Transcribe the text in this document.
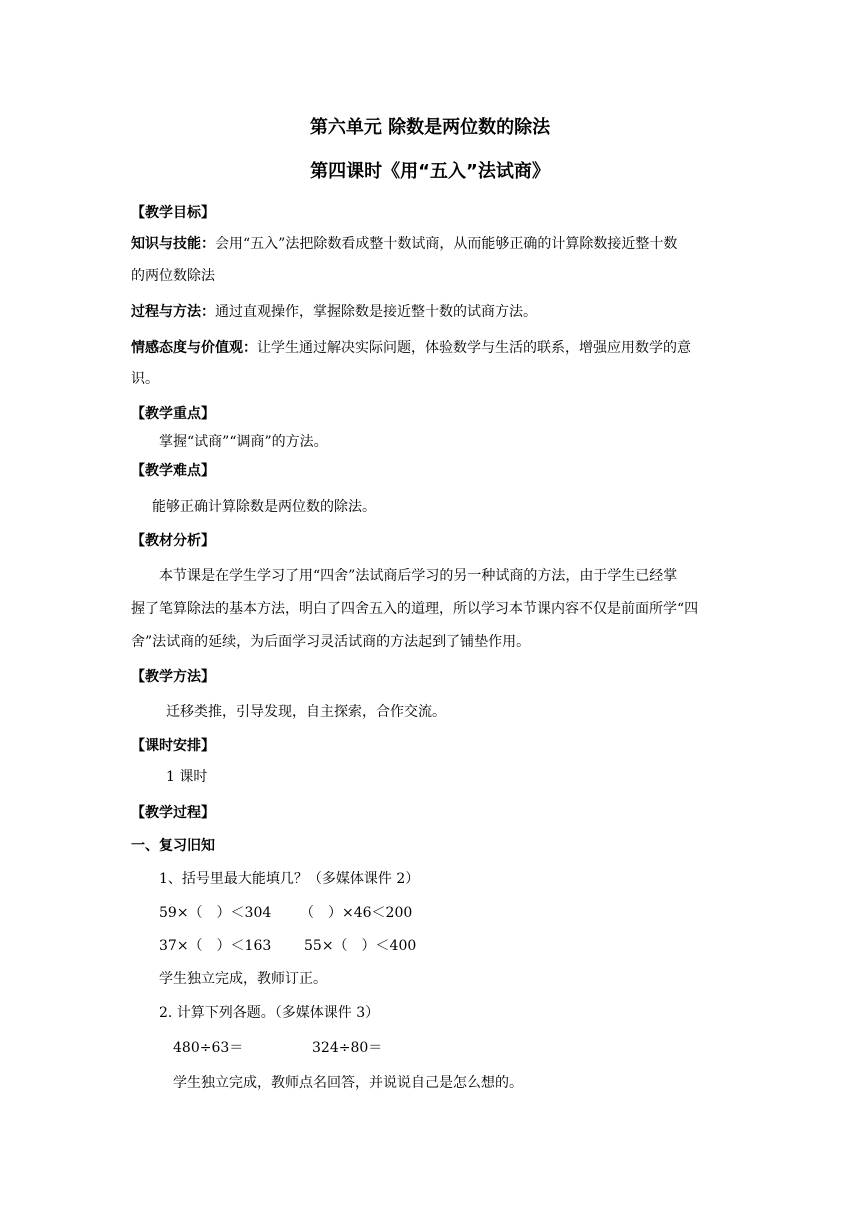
第六单元 除数是两位数的除法
第四课时《用“五入”法试商》
【教学目标】
知识与技能：会用“五入”法把除数看成整十数试商，从而能够正确的计算除数接近整十数
的两位数除法
过程与方法：通过直观操作，掌握除数是接近整十数的试商方法。
情感态度与价值观：让学生通过解决实际问题，体验数学与生活的联系，增强应用数学的意
识。
【教学重点】
掌握“试商”“调商”的方法。
【教学难点】
能够正确计算除数是两位数的除法。
【教材分析】
本节课是在学生学习了用“四舍”法试商后学习的另一种试商的方法，由于学生已经掌
握了笔算除法的基本方法，明白了四舍五入的道理，所以学习本节课内容不仅是前面所学“四
舍”法试商的延续，为后面学习灵活试商的方法起到了铺垫作用。
【教学方法】
迁移类推，引导发现，自主探索，合作交流。
【课时安排】
1 课时
【教学过程】
一、复习旧知
1、括号里最大能填几？（多媒体课件 2）
59×（　）＜304 （　）×46＜200
37×（　）＜163 55×（　）＜400
学生独立完成，教师订正。
2. 计算下列各题。（多媒体课件 3）
480÷63＝	324÷80＝
学生独立完成，教师点名回答，并说说自己是怎么想的。
